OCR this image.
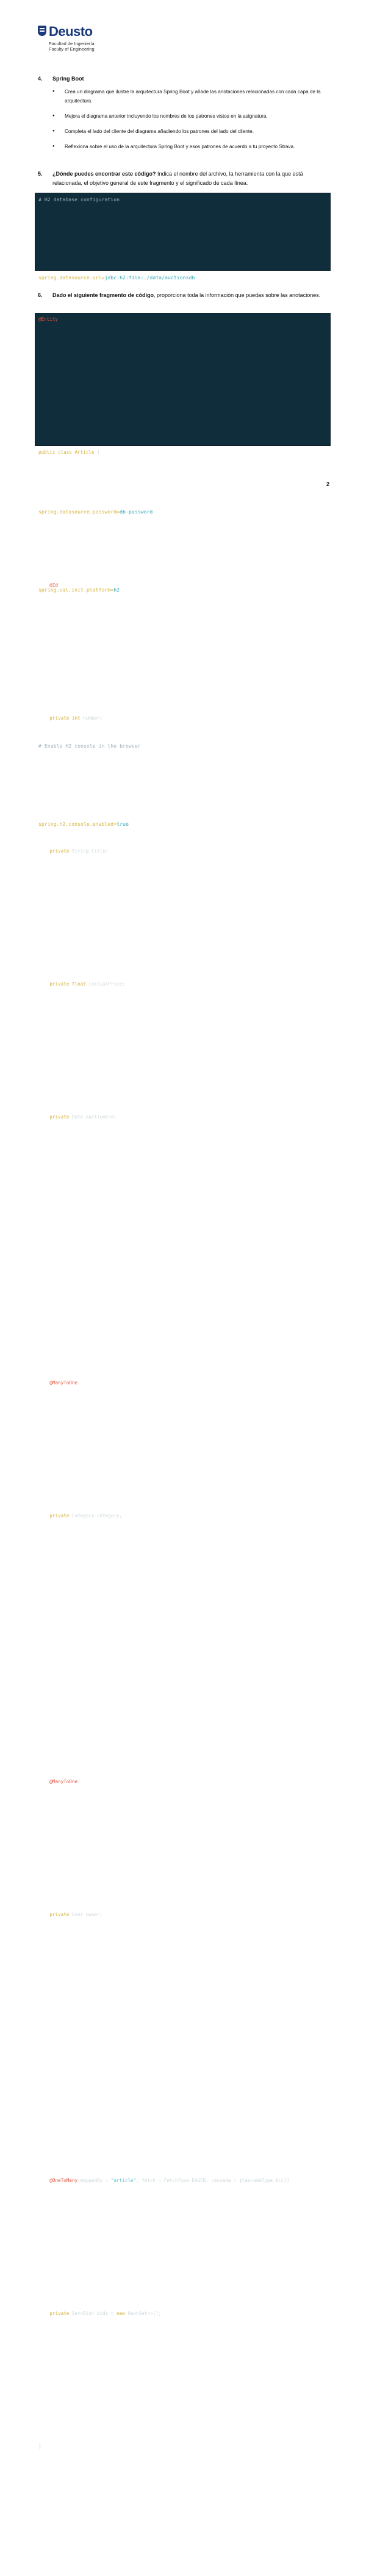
Deusto
Facultad de Ingeniería
Faculty of Engineering
4. Spring Boot
● Crea un diagrama que ilustre la arquitectura Spring Boot y añade las anotaciones relacionadas con cada capa de la arquitectura.
● Mejora el diagrama anterior incluyendo los nombres de los patrones vistos en la asignatura.
● Completa el lado del cliente del diagrama añadiendo los patrones del lado del cliente.
● Reflexiona sobre el uso de la arquitectura Spring Boot y esos patrones de acuerdo a tu proyecto Strava.
5. ¿Dónde puedes encontrar este código? Indica el nombre del archivo, la herramienta con la que está relacionada, el objetivo general de este fragmento y el significado de cada línea.
# H2 database configuration
spring.datasource.url=jdbc:h2:file:./data/auctionsdb
spring.datasource.password=db-password
spring.sql.init.platform=h2

# Enable H2 console in the browser
spring.h2.console.enabled=true
6. Dado el siguiente fragmento de código, proporciona toda la información que puedas sobre las anotaciones.
@Entity
public class Article {
@Id
private int number;
private String title;
private float initialPrice;
private Date auctionEnd;

@ManyToOne
private Category category;

@ManyToOne
private User owner;

@OneToMany(mappedBy = "article", fetch = FetchType.EAGER, cascade = {CascadeType.ALL})
private Set<Bid> bids = new HashSet<>();
}
2
